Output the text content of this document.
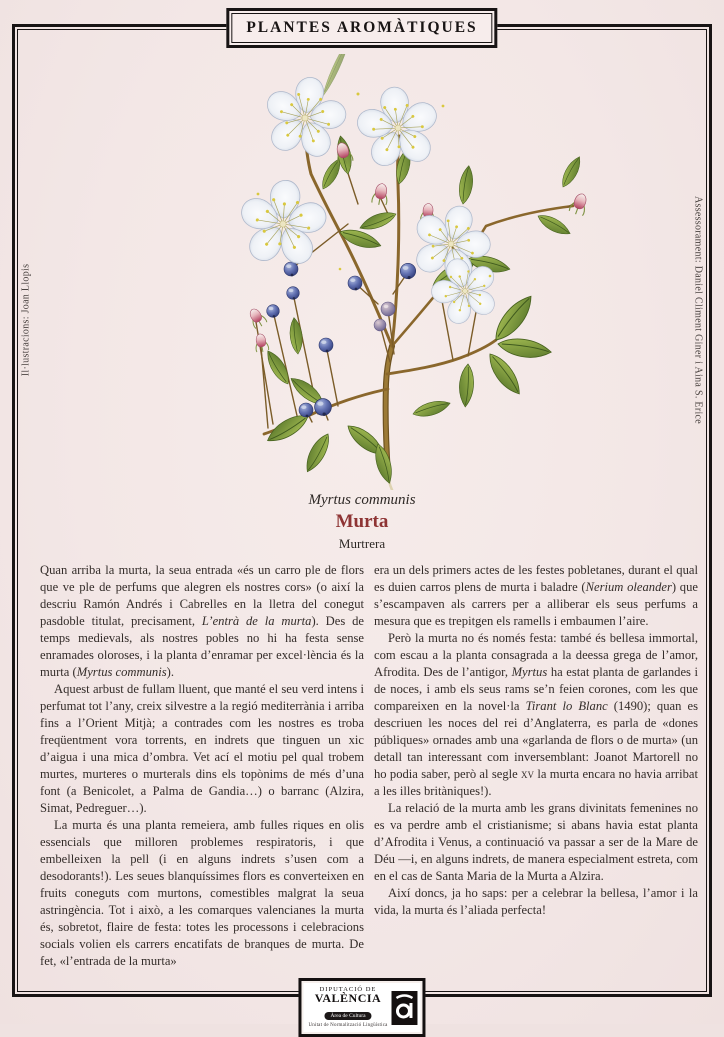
PLANTES AROMÀTIQUES
Il·lustracions: Joan Llopis	Assessorament: Daniel Climent Giner i Aina S. Erice
Myrtus communis
Murta
Murtrera

Quan arriba la murta, la seua entrada «és un carro ple de flors que ve ple de perfums que alegren els nostres cors» (o així la descriu Ramón Andrés i Cabrelles en la lletra del conegut pasdoble titulat, precisament, L’entrà de la murta). Des de temps medievals, als nostres pobles no hi ha festa sense enramades oloroses, i la planta d’enramar per excel·lència és la murta (Myrtus communis).

Aquest arbust de fullam lluent, que manté el seu verd intens i perfumat tot l’any, creix silvestre a la regió mediterrània i arriba fins a l’Orient Mitjà; a contrades com les nostres es troba freqüentment vora torrents, en indrets que tinguen un xic d’aigua i una mica d’ombra. Vet ací el motiu pel qual trobem murtes, murteres o murterals dins els topònims de més d’una font (a Benicolet, a Palma de Gandia…) o barranc (Alzira, Simat, Pedreguer…).

La murta és una planta remeiera, amb fulles riques en olis essencials que milloren problemes respiratoris, i que embelleixen la pell (i en alguns indrets s’usen com a desodorants!). Les seues blanquíssimes flors es converteixen en fruits coneguts com murtons, comestibles malgrat la seua astringència. Tot i això, a les comarques valencianes la murta és, sobretot, flaire de festa: totes les processons i celebracions socials volien els carrers encatifats de branques de murta. De fet, «l’entrada de la murta»

era un dels primers actes de les festes pobletanes, durant el qual es duien carros plens de murta i baladre (Nerium oleander) que s’escampaven als carrers per a alliberar els seus perfums a mesura que es trepitgen els ramells i embaumen l’aire.

Però la murta no és només festa: també és bellesa immortal, com escau a la planta consagrada a la deessa grega de l’amor, Afrodita. Des de l’antigor, Myrtus ha estat planta de garlandes i de noces, i amb els seus rams se’n feien corones, com les que compareixen en la novel·la Tirant lo Blanc (1490); quan es descriuen les noces del rei d’Anglaterra, es parla de «dones públiques» ornades amb una «garlanda de flors o de murta» (un detall tan interessant com inversemblant: Joanot Martorell no ho podia saber, però al segle xv la murta encara no havia arribat a les illes britàniques!).

La relació de la murta amb les grans divinitats femenines no es va perdre amb el cristianisme; si abans havia estat planta d’Afrodita i Venus, a continuació va passar a ser de la Mare de Déu —i, en alguns indrets, de manera especialment estreta, com en el cas de Santa Maria de la Murta a Alzira.

Així doncs, ja ho saps: per a celebrar la bellesa, l’amor i la vida, la murta és l’aliada perfecta!

DIPUTACIÓ DE
VALÈNCIA
Àrea de Cultura
Unitat de Normalització Lingüística
